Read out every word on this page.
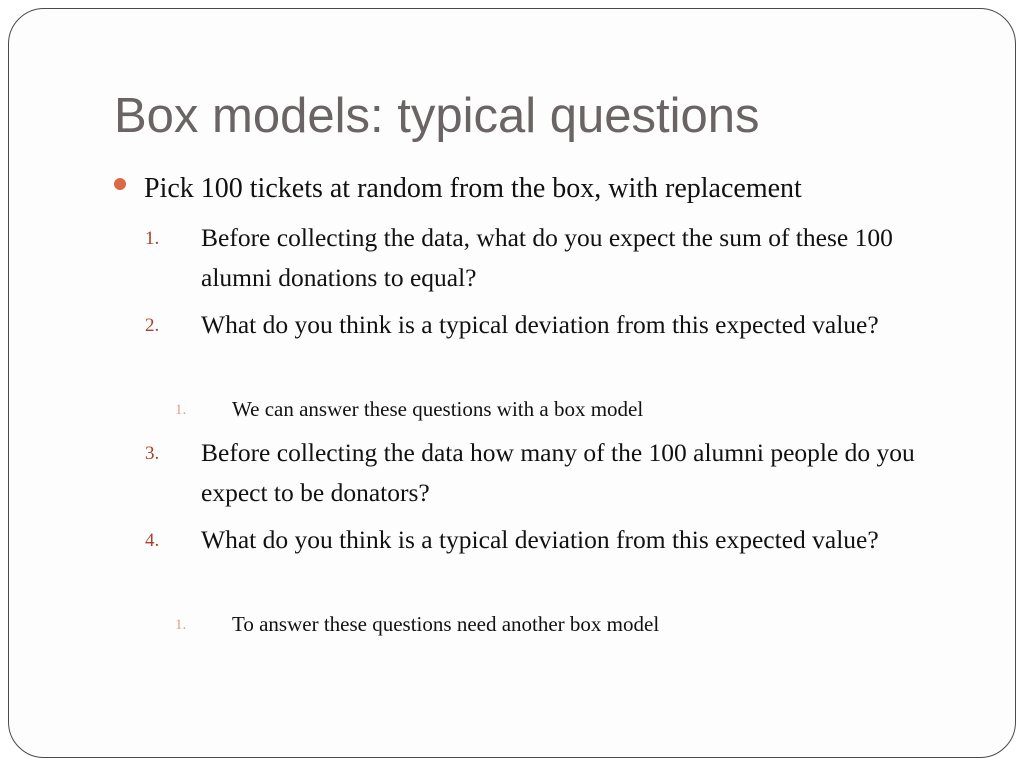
Box models: typical questions
Pick 100 tickets at random from the box, with replacement
1. Before collecting the data, what do you expect the sum of these 100 alumni donations to equal?
2. What do you think is a typical deviation from this expected value?
1. We can answer these questions with a box model
3. Before collecting the data how many of the 100 alumni people do you expect to be donators?
4. What do you think is a typical deviation from this expected value?
1. To answer these questions need another box model
